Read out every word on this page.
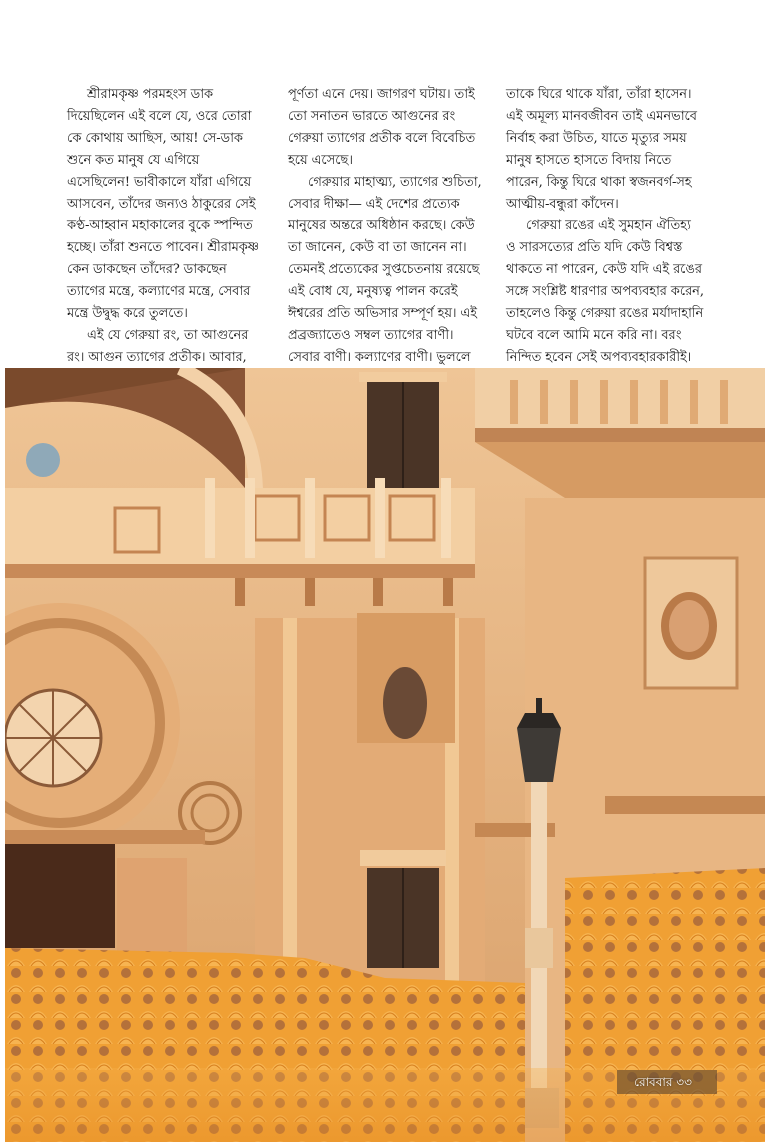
শ্রীরামকৃষ্ণ পরমহংস ডাক দিয়েছিলেন এই বলে যে, ওরে তোরা কে কোথায় আছিস, আয়! সে-ডাক শুনে কত মানুষ যে এগিয়ে এসেছিলেন! ভাবীকালে যাঁরা এগিয়ে আসবেন, তাঁদের জন্যও ঠাকুরের সেই কণ্ঠ-আহ্বান মহাকালের বুকে স্পন্দিত হচ্ছে। তাঁরা শুনতে পাবেন। শ্রীরামকৃষ্ণ কেন ডাকছেন তাঁদের? ডাকছেন ত্যাগের মন্ত্রে, কল্যাণের মন্ত্রে, সেবার মন্ত্রে উদ্বুদ্ধ করে তুলতে।

এই যে গেরুয়া রং, তা আগুনের রং। আগুন ত্যাগের প্রতীক। আবার,

পূর্ণতা এনে দেয়। জাগরণ ঘটায়। তাই তো সনাতন ভারতে আগুনের রং গেরুয়া ত্যাগের প্রতীক বলে বিবেচিত হয়ে এসেছে।

গেরুয়ার মাহাত্ম্য, ত্যাগের শুচিতা, সেবার দীক্ষা— এই দেশের প্রত্যেক মানুষের অন্তরে অধিষ্ঠান করছে। কেউ তা জানেন, কেউ বা তা জানেন না। তেমনই প্রত্যেকের সুপ্তচেতনায় রয়েছে এই বোধ যে, মনুষ্যত্ব পালন করেই ঈশ্বরের প্রতি অভিসার সম্পূর্ণ হয়। এই প্রব্রজ্যাতেও সম্বল ত্যাগের বাণী। সেবার বাণী। কল্যাণের বাণী। ভুললে

তাকে ঘিরে থাকে যাঁরা, তাঁরা হাসেন। এই অমূল্য মানবজীবন তাই এমনভাবে নির্বাহ করা উচিত, যাতে মৃত্যুর সময় মানুষ হাসতে হাসতে বিদায় নিতে পারেন, কিন্তু ঘিরে থাকা স্বজনবর্গ-সহ আত্মীয়-বন্ধুরা কাঁদেন।

গেরুয়া রঙের এই সুমহান ঐতিহ্য ও সারসত্যের প্রতি যদি কেউ বিশ্বস্ত থাকতে না পারেন, কেউ যদি এই রঙের সঙ্গে সংশ্লিষ্ট ধারণার অপব্যবহার করেন, তাহলেও কিন্তু গেরুয়া রঙের মর্যাদাহানি ঘটবে বলে আমি মনে করি না। বরং নিন্দিত হবেন সেই অপব্যবহারকারীই।

রোববার ৩৩
